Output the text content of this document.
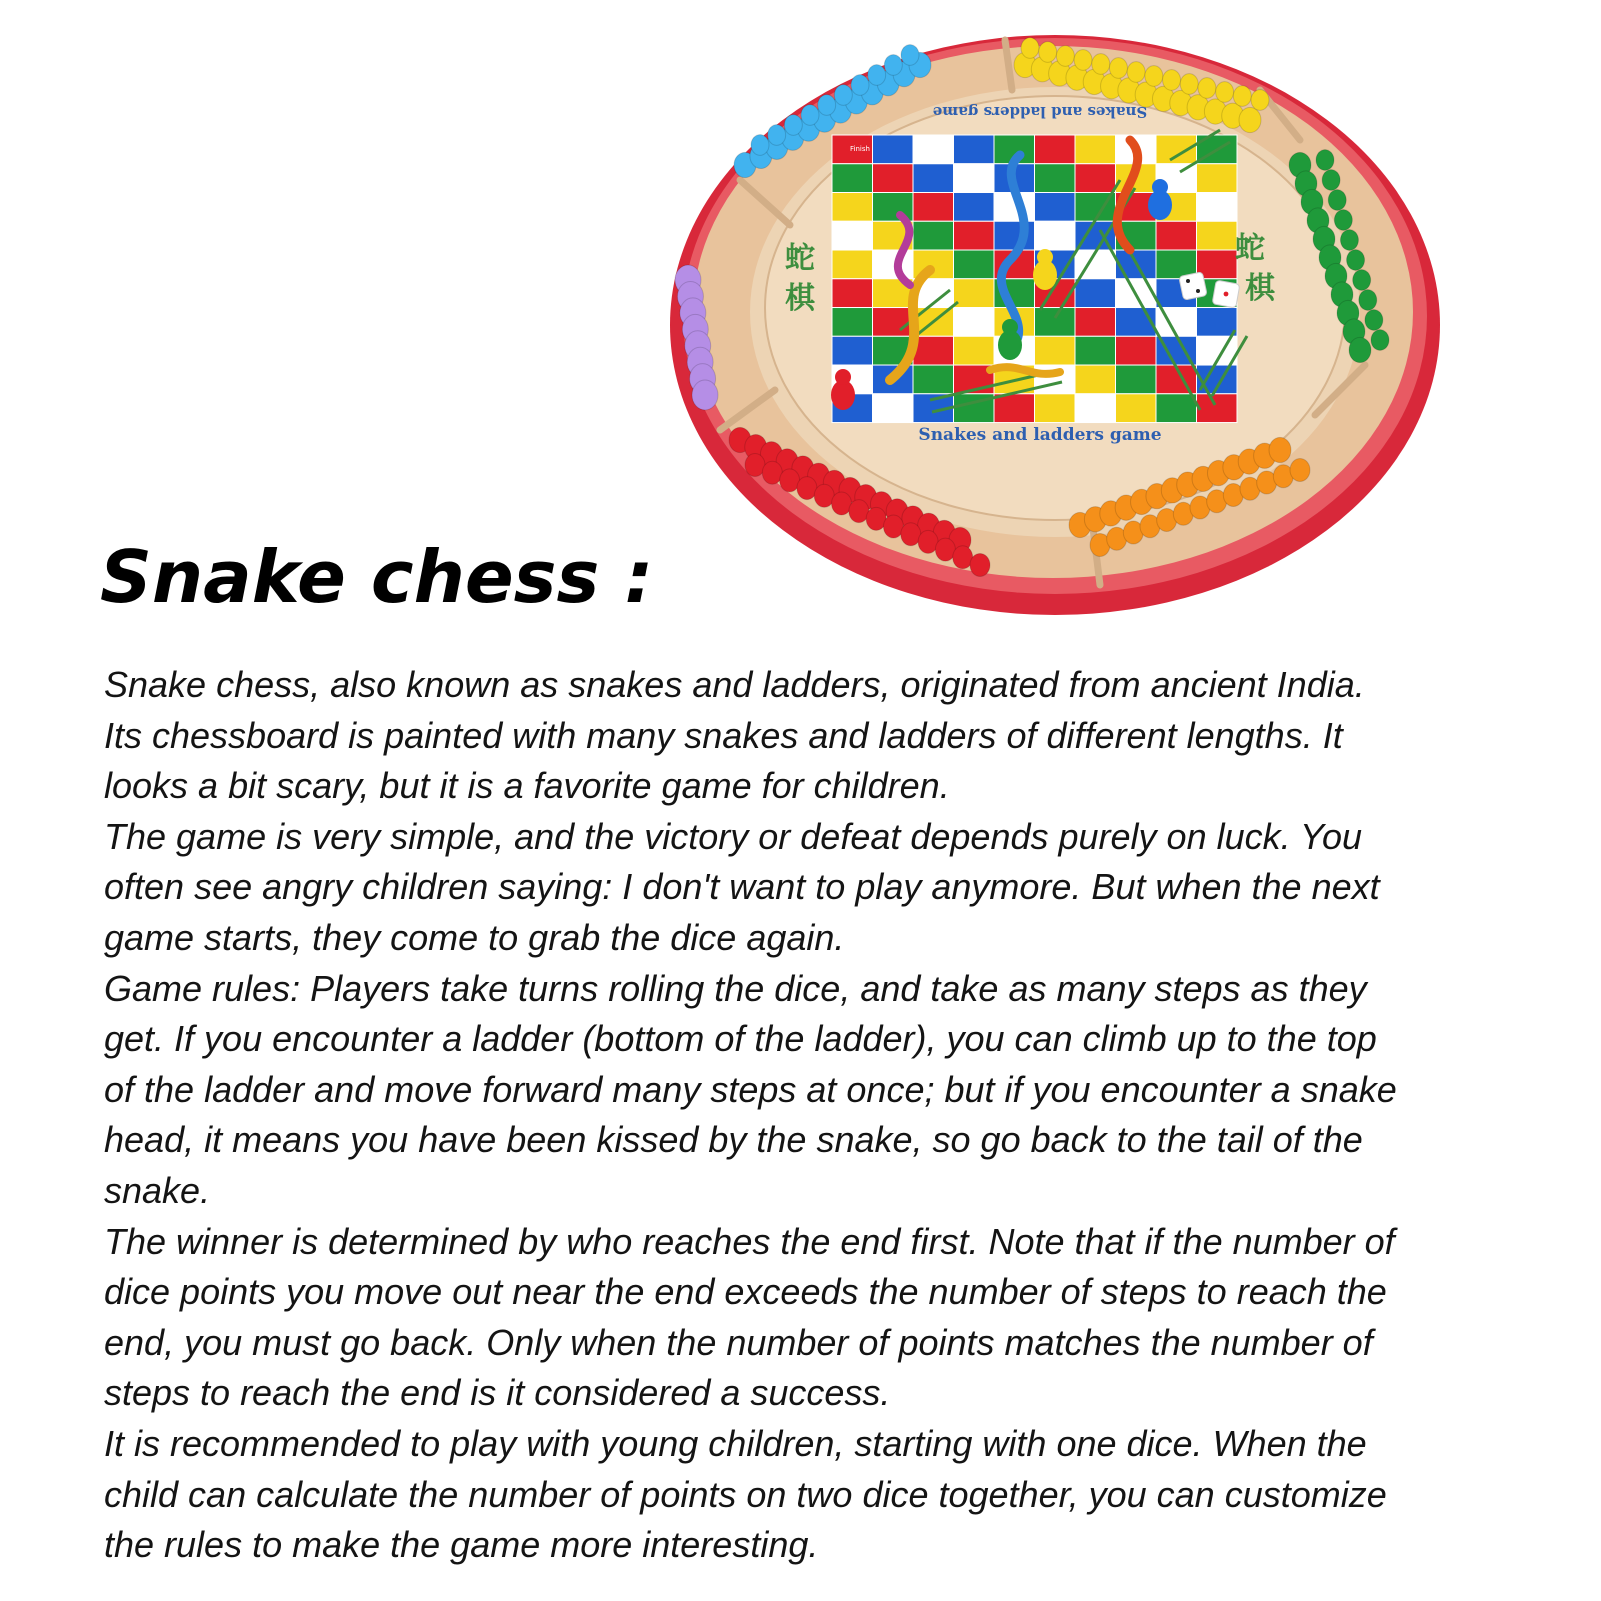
Snakes and ladders game
Snakes and ladders game
蛇
棋
蛇
棋
Finish
Snake chess :
Snake chess, also known as snakes and ladders, originated from ancient India.
Its chessboard is painted with many snakes and ladders of different lengths. It
looks a bit scary, but it is a favorite game for children.
The game is very simple, and the victory or defeat depends purely on luck. You
often see angry children saying: I don't want to play anymore. But when the next
game starts, they come to grab the dice again.
Game rules: Players take turns rolling the dice, and take as many steps as they
get. If you encounter a ladder (bottom of the ladder), you can climb up to the top
of the ladder and move forward many steps at once; but if you encounter a snake
head, it means you have been kissed by the snake, so go back to the tail of the
snake.
The winner is determined by who reaches the end first. Note that if the number of
dice points you move out near the end exceeds the number of steps to reach the
end, you must go back. Only when the number of points matches the number of
steps to reach the end is it considered a success.
It is recommended to play with young children, starting with one dice. When the
child can calculate the number of points on two dice together, you can customize
the rules to make the game more interesting.
